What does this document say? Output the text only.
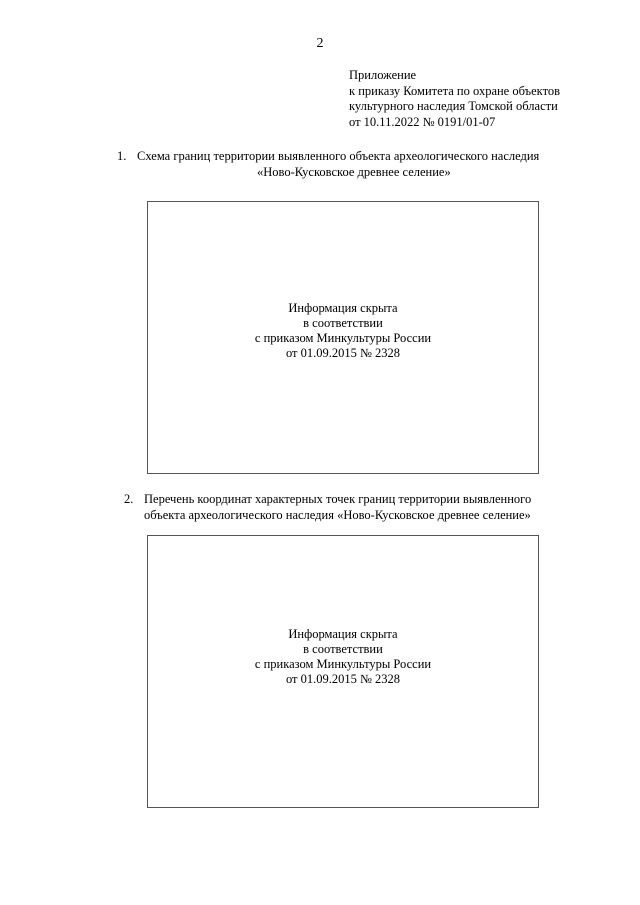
2
Приложение
к приказу Комитета по охране объектов
культурного наследия Томской области
от 10.11.2022 № 0191/01-07
1. Схема границ территории выявленного объекта археологического наследия
«Ново-Кусковское древнее селение»
Информация скрыта
в соответствии
с приказом Минкультуры России
от 01.09.2015 № 2328
2. Перечень координат характерных точек границ территории выявленного
объекта археологического наследия «Ново-Кусковское древнее селение»
Информация скрыта
в соответствии
с приказом Минкультуры России
от 01.09.2015 № 2328
